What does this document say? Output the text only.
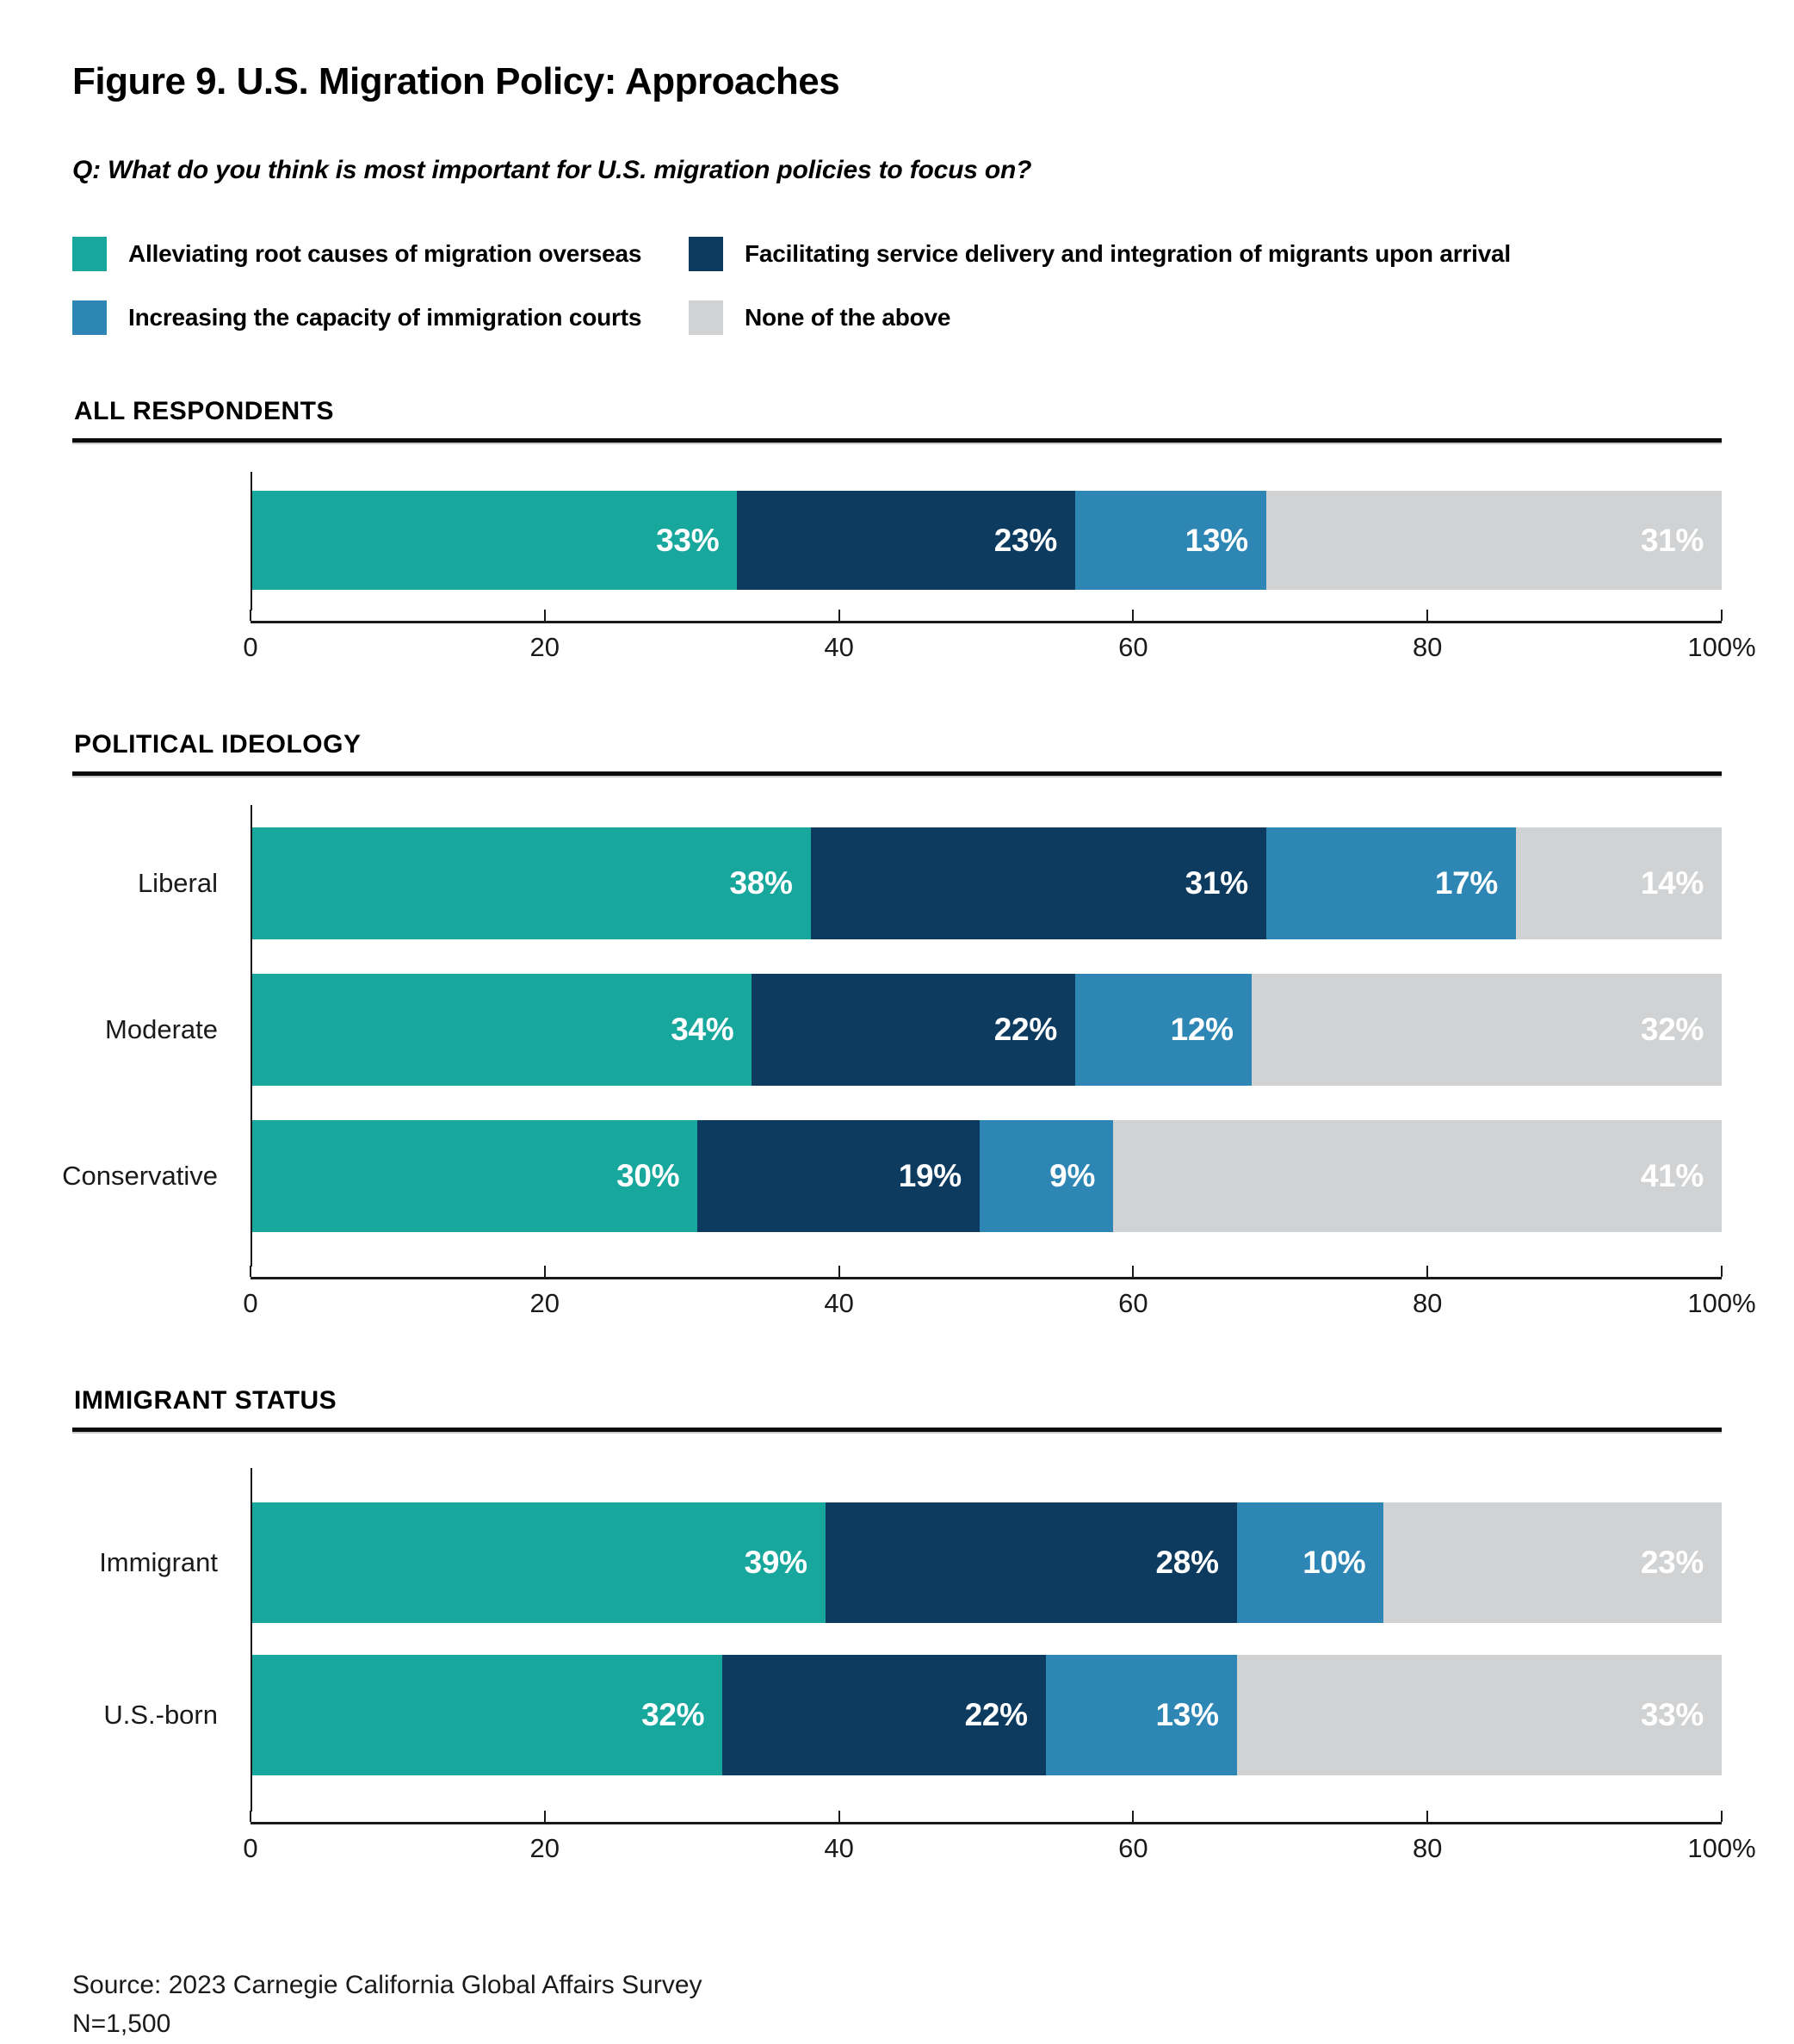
Figure 9. U.S. Migration Policy: Approaches

Q: What do you think is most important for U.S. migration policies to focus on?

Alleviating root causes of migration overseas	Facilitating service delivery and integration of migrants upon arrival
Increasing the capacity of immigration courts	None of the above
ALL RESPONDENTS
33%	23%	13%	31%
0	20	40	60	80	100%
POLITICAL IDEOLOGY
Liberal	38%	31%	17%	14%
Moderate	34%	22%	12%	32%
Conservative	30%	19%	9%	41%
0	20	40	60	80	100%
IMMIGRANT STATUS
Immigrant	39%	28%	10%	23%
U.S.-born	32%	22%	13%	33%
0	20	40	60	80	100%
Source: 2023 Carnegie California Global Affairs Survey
N=1,500
